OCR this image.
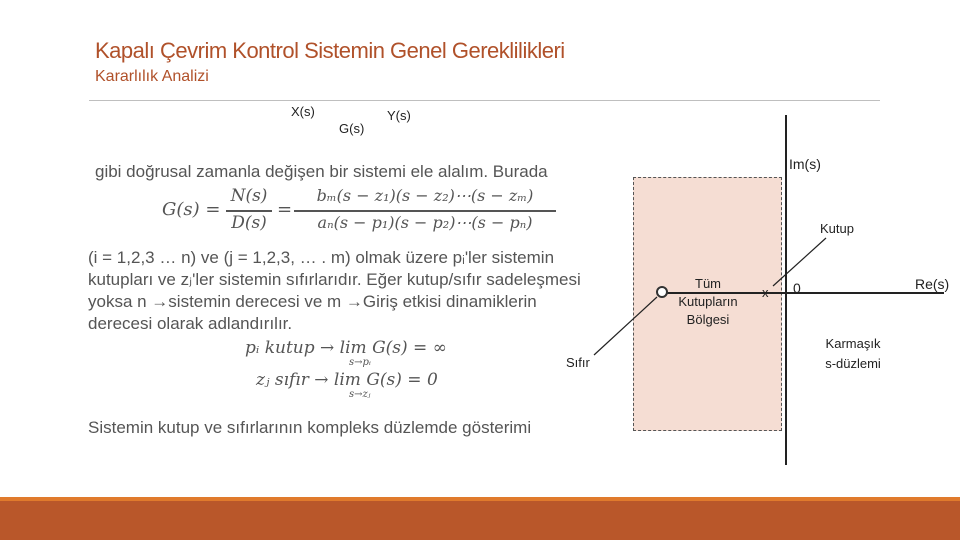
Kapalı Çevrim Kontrol Sistemin Genel Gereklilikleri
Kararlılık Analizi
X(s)
G(s)
Y(s)
gibi doğrusal zamanla değişen bir sistemi ele alalım. Burada
G(s) =
N(s)
D(s)
=
bₘ(s − z₁)(s − z₂)⋯(s − zₘ)
aₙ(s − p₁)(s − p₂)⋯(s − pₙ)
(i = 1,2,3 … n) ve (j = 1,2,3, … . m) olmak üzere pᵢ'ler sistemin
kutupları ve zⱼ'ler sistemin sıfırlarıdır. Eğer kutup/sıfır sadeleşmesi
yoksa n →sistemin derecesi ve m →Giriş etkisi dinamiklerin
derecesi olarak adlandırılır.
pᵢ kutup → lim G(s) = ∞
s→pᵢ
zⱼ sıfır → lim G(s) = 0
s→zⱼ
Sistemin kutup ve sıfırlarının kompleks düzlemde gösterimi
Im(s)
Re(s)
0
Kutup
Sıfır
Tüm
Kutupların
Bölgesi
Karmaşık
s-düzlemi
x
